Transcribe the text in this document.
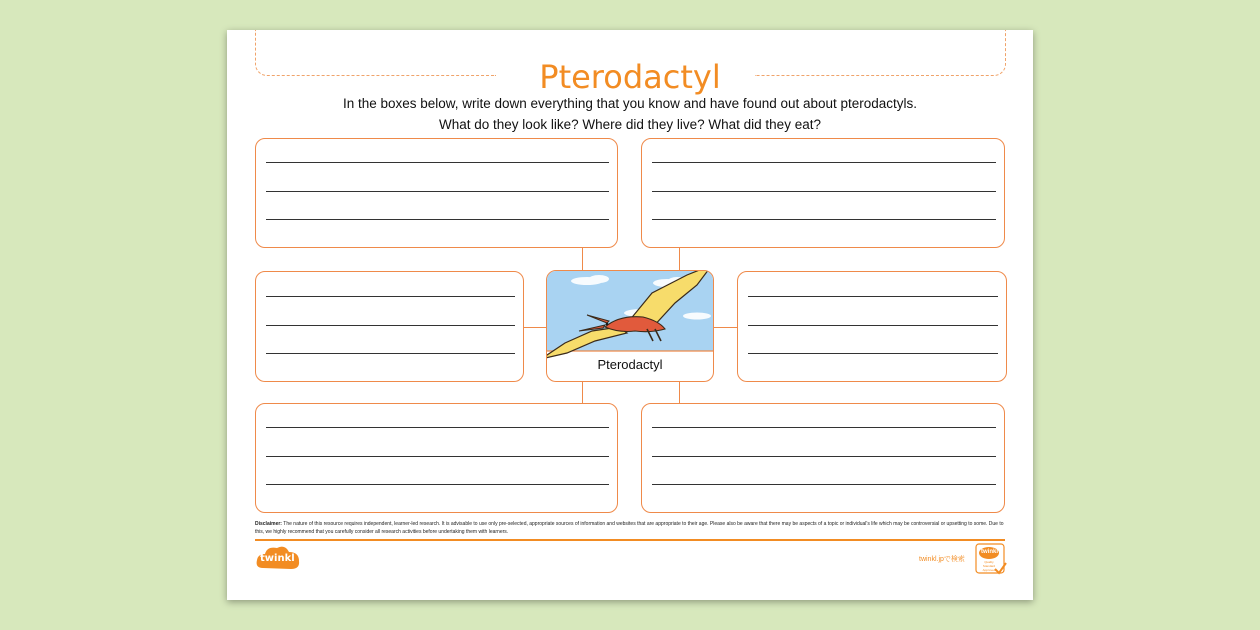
Pterodactyl
In the boxes below, write down everything that you know and have found out about pterodactyls.
What do they look like? Where did they live? What did they eat?
Pterodactyl
Disclaimer: The nature of this resource requires independent, learner-led research. It is advisable to use only pre-selected, appropriate sources of information and websites that are appropriate to their age. Please also be aware that there may be aspects of a topic or individual's life which may be controversial or upsetting to some. Due to this, we highly recommend that you carefully consider all research activities before undertaking them with learners.
twinkl	twinkl.jpで検索
twinkl
Quality Standard Approved
